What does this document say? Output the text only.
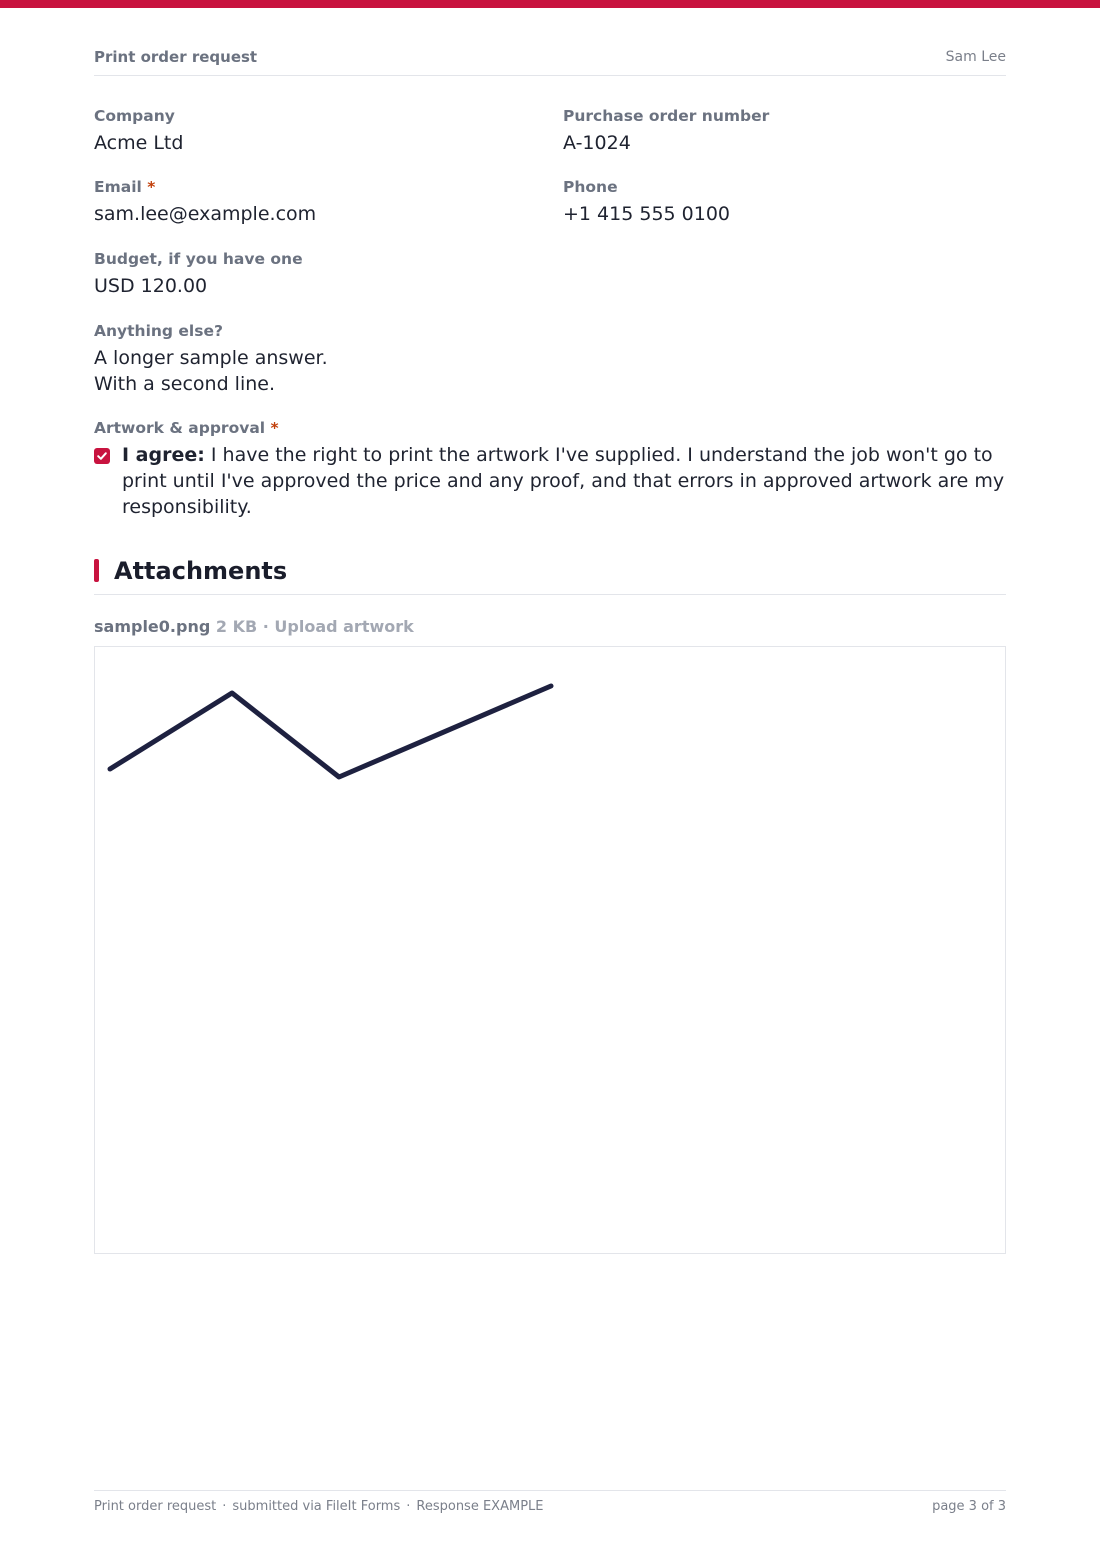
Print order request	Sam Lee
Company
Acme Ltd
Purchase order number
A-1024
Email *
sam.lee@example.com
Phone
+1 415 555 0100
Budget, if you have one
USD 120.00
Anything else?
A longer sample answer.
With a second line.
Artwork & approval *
I agree: I have the right to print the artwork I've supplied. I understand the job won't go to print until I've approved the price and any proof, and that errors in approved artwork are my responsibility.
Attachments
sample0.png 2 KB · Upload artwork
Print order request · submitted via FileIt Forms · Response EXAMPLE	page 3 of 3
